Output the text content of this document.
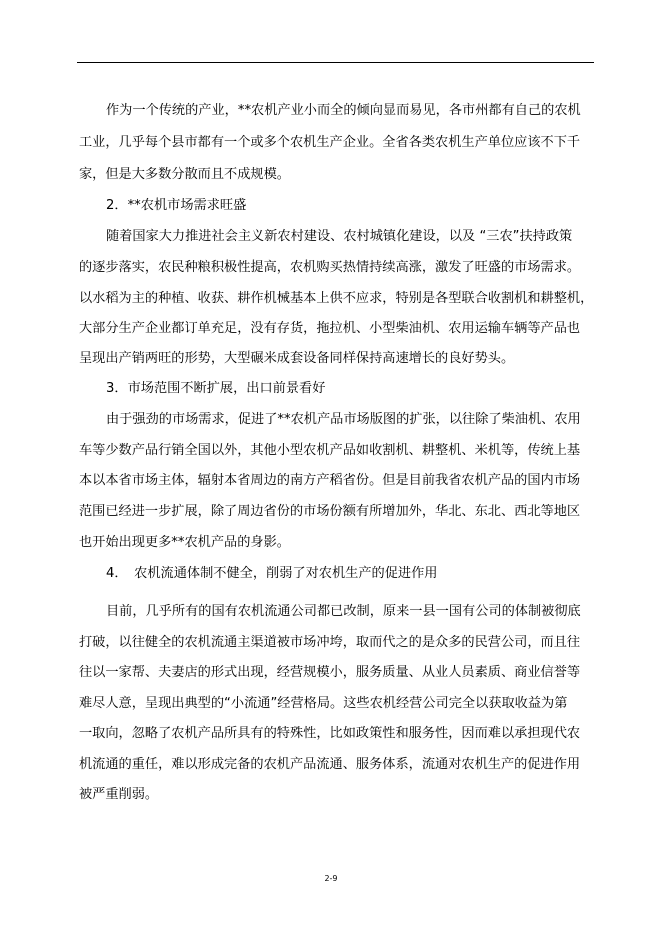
作为一个传统的产业，**农机产业小而全的倾向显而易见，各市州都有自己的农机
工业，几乎每个县市都有一个或多个农机生产企业。全省各类农机生产单位应该不下千
家，但是大多数分散而且不成规模。
2．**农机市场需求旺盛
随着国家大力推进社会主义新农村建设、农村城镇化建设，以及 “三农”扶持政策
的逐步落实，农民种粮积极性提高，农机购买热情持续高涨，激发了旺盛的市场需求。
以水稻为主的种植、收获、耕作机械基本上供不应求，特别是各型联合收割机和耕整机，
大部分生产企业都订单充足，没有存货，拖拉机、小型柴油机、农用运输车辆等产品也
呈现出产销两旺的形势，大型碾米成套设备同样保持高速增长的良好势头。
3．市场范围不断扩展，出口前景看好
由于强劲的市场需求，促进了**农机产品市场版图的扩张，以往除了柴油机、农用
车等少数产品行销全国以外，其他小型农机产品如收割机、耕整机、米机等，传统上基
本以本省市场主体，辐射本省周边的南方产稻省份。但是目前我省农机产品的国内市场
范围已经进一步扩展，除了周边省份的市场份额有所增加外，华北、东北、西北等地区
也开始出现更多**农机产品的身影。
4．　农机流通体制不健全，削弱了对农机生产的促进作用
目前，几乎所有的国有农机流通公司都已改制，原来一县一国有公司的体制被彻底
打破，以往健全的农机流通主渠道被市场冲垮，取而代之的是众多的民营公司，而且往
往以一家帮、夫妻店的形式出现，经营规模小，服务质量、从业人员素质、商业信誉等
难尽人意，呈现出典型的“小流通”经营格局。这些农机经营公司完全以获取收益为第
一取向，忽略了农机产品所具有的特殊性，比如政策性和服务性，因而难以承担现代农
机流通的重任，难以形成完备的农机产品流通、服务体系，流通对农机生产的促进作用
被严重削弱。
2-9
